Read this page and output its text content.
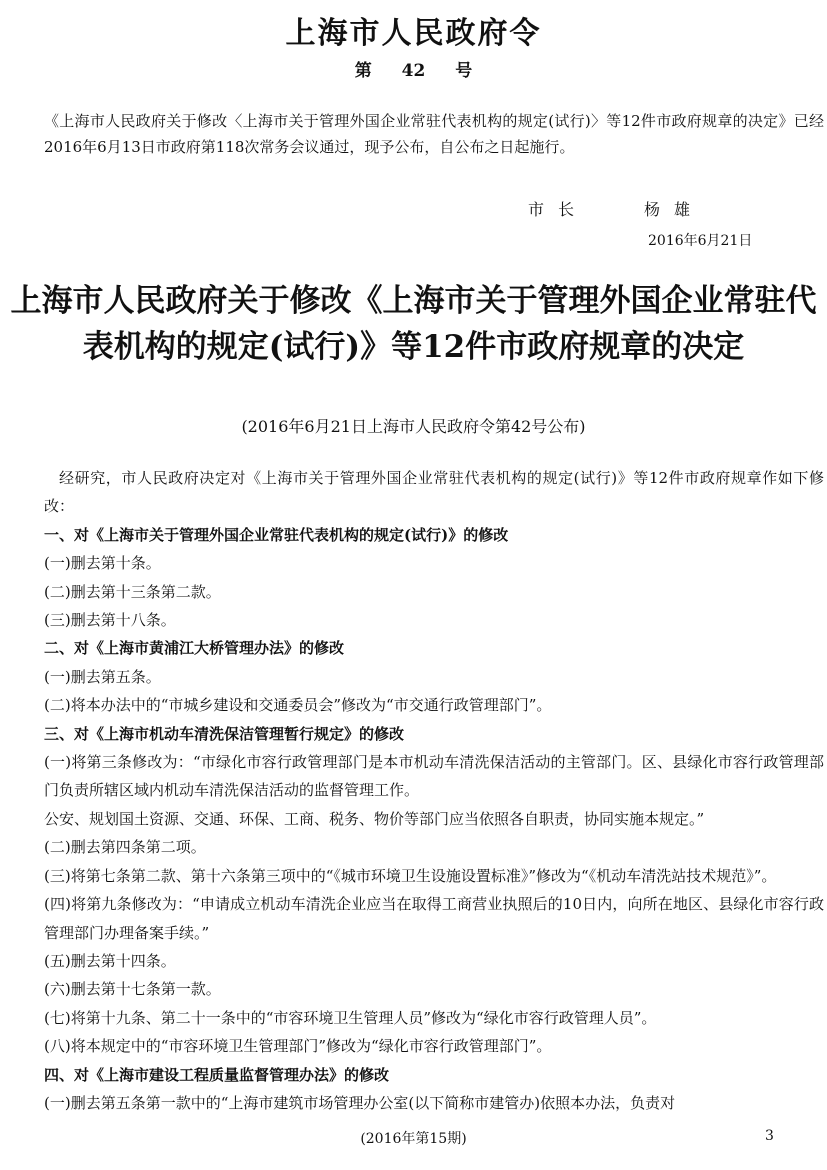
上海市人民政府令
第 42 号
《上海市人民政府关于修改〈上海市关于管理外国企业常驻代表机构的规定(试行)〉等12件市政府规章的决定》已经2016年6月13日市政府第118次常务会议通过，现予公布，自公布之日起施行。
市长	杨雄
2016年6月21日
上海市人民政府关于修改《上海市关于管理外国企业常驻代表机构的规定(试行)》等12件市政府规章的决定
(2016年6月21日上海市人民政府令第42号公布)

经研究，市人民政府决定对《上海市关于管理外国企业常驻代表机构的规定(试行)》等12件市政府规章作如下修改：

一、对《上海市关于管理外国企业常驻代表机构的规定(试行)》的修改

(一)删去第十条。

(二)删去第十三条第二款。

(三)删去第十八条。

二、对《上海市黄浦江大桥管理办法》的修改

(一)删去第五条。

(二)将本办法中的“市城乡建设和交通委员会”修改为“市交通行政管理部门”。

三、对《上海市机动车清洗保洁管理暂行规定》的修改

(一)将第三条修改为：“市绿化市容行政管理部门是本市机动车清洗保洁活动的主管部门。区、县绿化市容行政管理部门负责所辖区域内机动车清洗保洁活动的监督管理工作。

公安、规划国土资源、交通、环保、工商、税务、物价等部门应当依照各自职责，协同实施本规定。”

(二)删去第四条第二项。

(三)将第七条第二款、第十六条第三项中的“《城市环境卫生设施设置标准》”修改为“《机动车清洗站技术规范》”。

(四)将第九条修改为：“申请成立机动车清洗企业应当在取得工商营业执照后的10日内，向所在地区、县绿化市容行政管理部门办理备案手续。”

(五)删去第十四条。

(六)删去第十七条第一款。

(七)将第十九条、第二十一条中的“市容环境卫生管理人员”修改为“绿化市容行政管理人员”。

(八)将本规定中的“市容环境卫生管理部门”修改为“绿化市容行政管理部门”。

四、对《上海市建设工程质量监督管理办法》的修改

(一)删去第五条第一款中的“上海市建筑市场管理办公室(以下简称市建管办)依照本办法，负责对

(2016年第15期)	3
